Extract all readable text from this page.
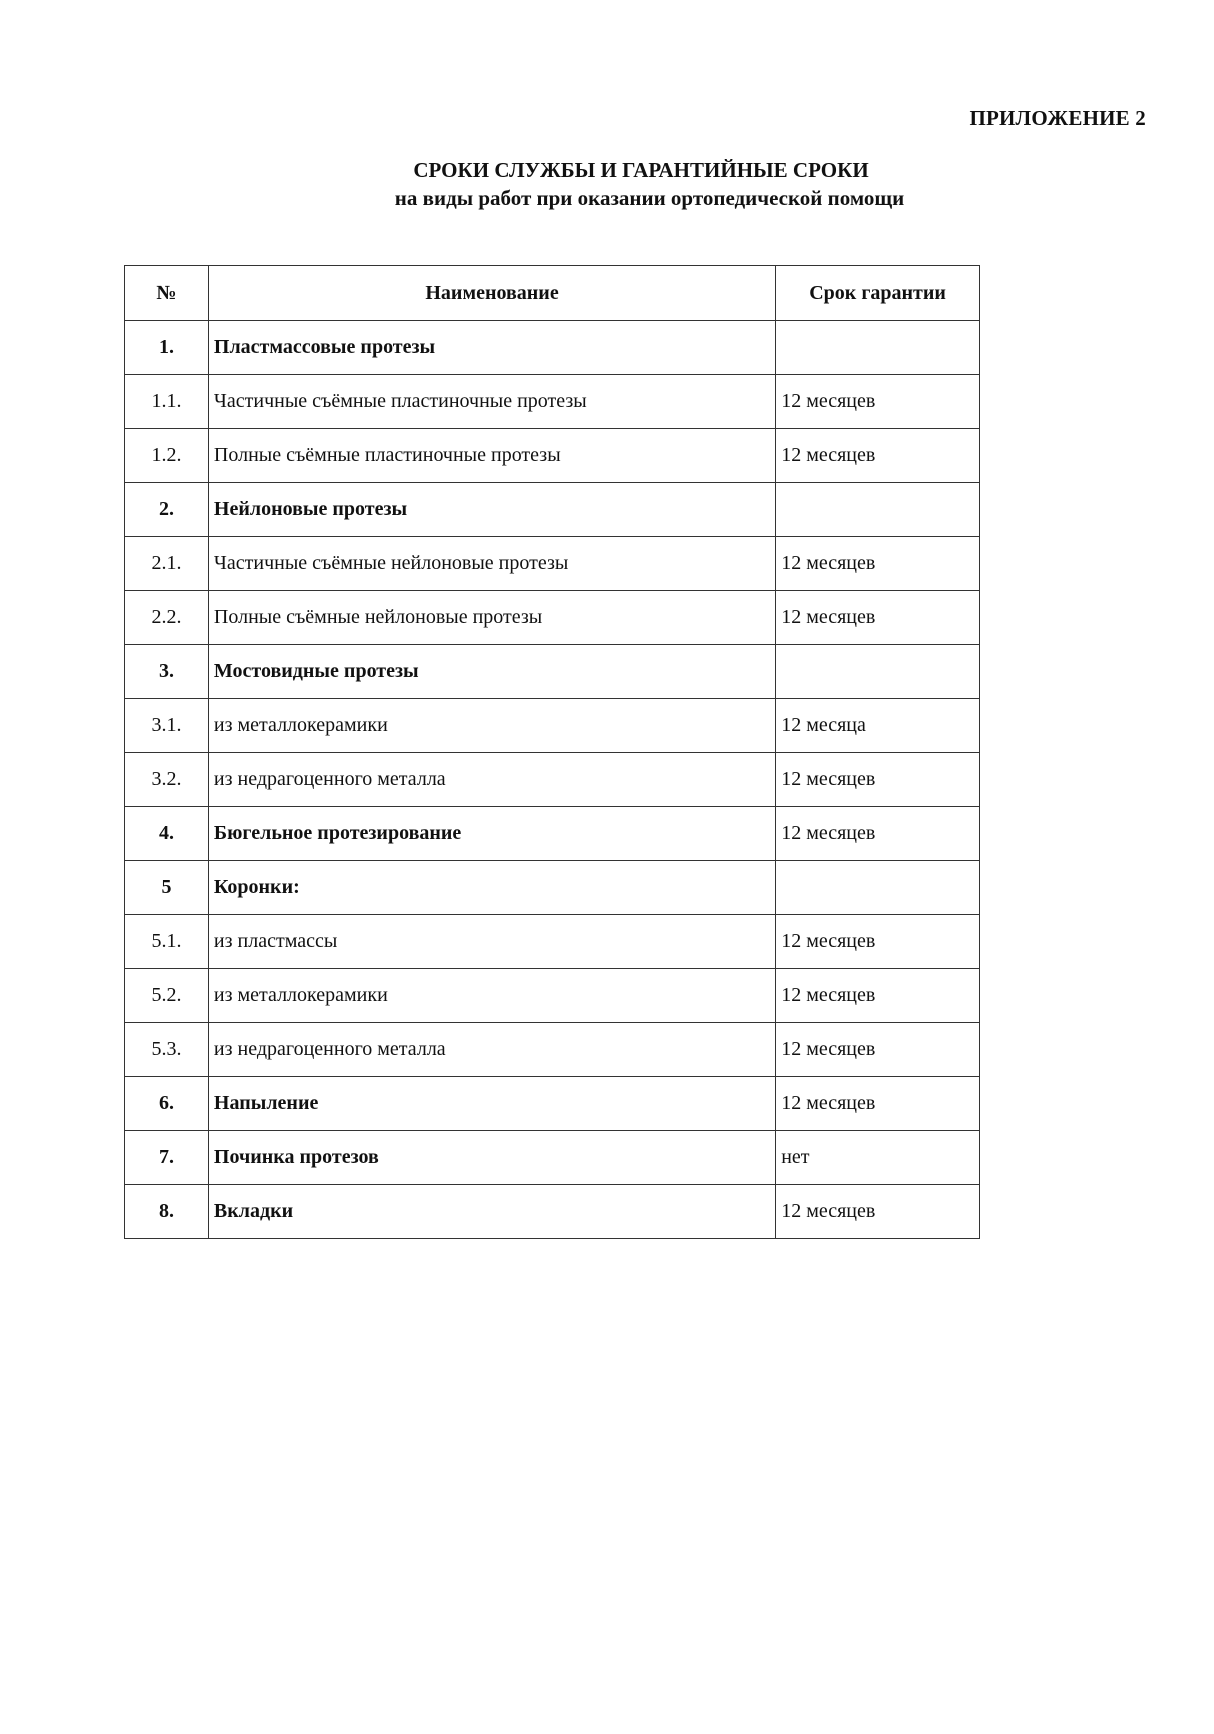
ПРИЛОЖЕНИЕ 2
СРОКИ СЛУЖБЫ И ГАРАНТИЙНЫЕ СРОКИ
на виды работ при оказании ортопедической помощи
№	Наименование	Срок гарантии
1.	Пластмассовые протезы	
1.1.	Частичные съёмные пластиночные протезы	12 месяцев
1.2.	Полные съёмные пластиночные протезы	12 месяцев
2.	Нейлоновые протезы	
2.1.	Частичные съёмные нейлоновые протезы	12 месяцев
2.2.	Полные съёмные нейлоновые протезы	12 месяцев
3.	Мостовидные протезы	
3.1.	из металлокерамики	12 месяца
3.2.	из недрагоценного металла	12 месяцев
4.	Бюгельное протезирование	12 месяцев
5	Коронки:	
5.1.	из пластмассы	12 месяцев
5.2.	из металлокерамики	12 месяцев
5.3.	из недрагоценного металла	12 месяцев
6.	Напыление	12 месяцев
7.	Починка протезов	нет
8.	Вкладки	12 месяцев
